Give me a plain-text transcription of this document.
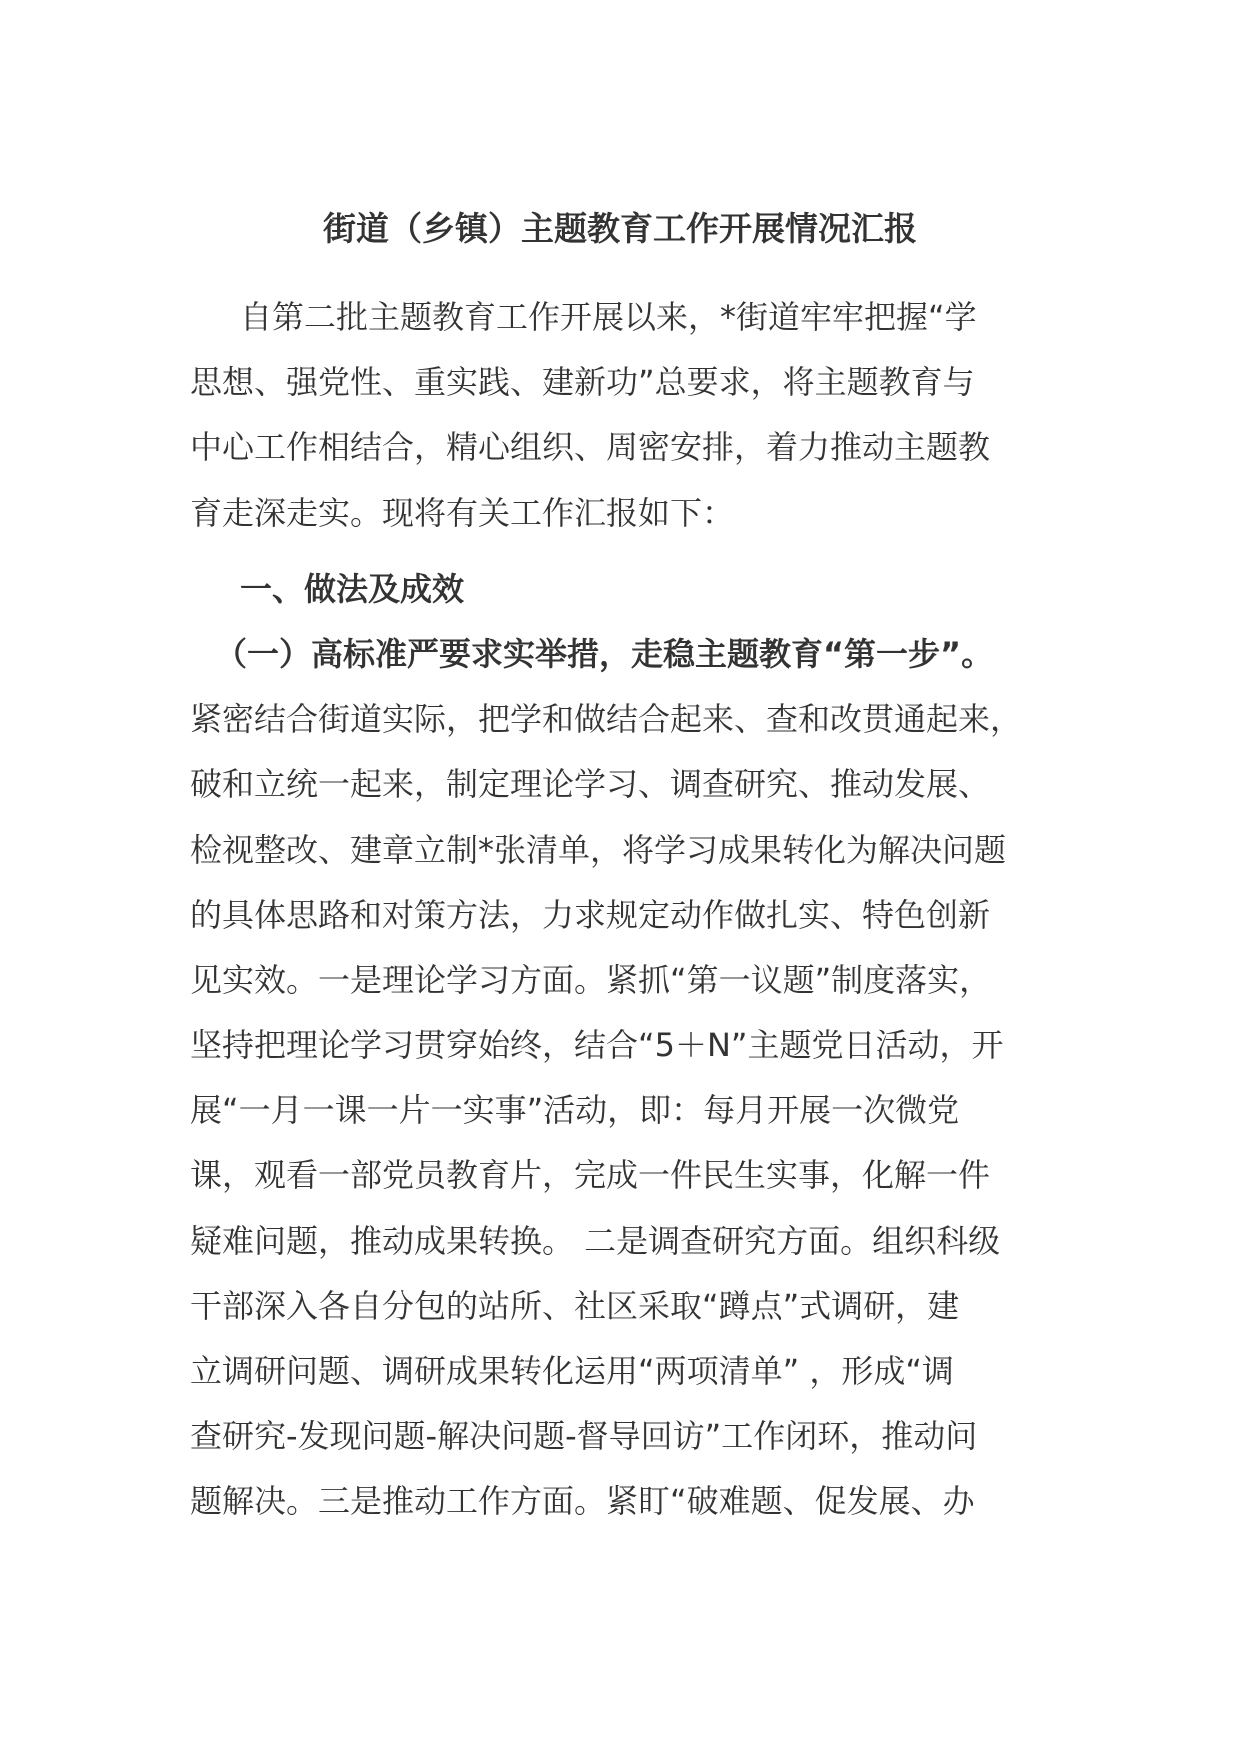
街道（乡镇）主题教育工作开展情况汇报
自第二批主题教育工作开展以来，*街道牢牢把握“学
思想、强党性、重实践、建新功”总要求，将主题教育与
中心工作相结合，精心组织、周密安排，着力推动主题教
育走深走实。现将有关工作汇报如下：
一、做法及成效
（一）高标准严要求实举措，走稳主题教育“第一步”。
紧密结合街道实际，把学和做结合起来、查和改贯通起来，
破和立统一起来，制定理论学习、调查研究、推动发展、
检视整改、建章立制*张清单，将学习成果转化为解决问题
的具体思路和对策方法，力求规定动作做扎实、特色创新
见实效。一是理论学习方面。紧抓“第一议题”制度落实，
坚持把理论学习贯穿始终，结合“5＋N”主题党日活动，开
展“一月一课一片一实事”活动，即：每月开展一次微党
课，观看一部党员教育片，完成一件民生实事，化解一件
疑难问题，推动成果转换。 二是调查研究方面。组织科级
干部深入各自分包的站所、社区采取“蹲点”式调研，建
立调研问题、调研成果转化运用“两项清单” ，形成“调
查研究-发现问题-解决问题-督导回访”工作闭环，推动问
题解决。三是推动工作方面。紧盯“破难题、促发展、办
